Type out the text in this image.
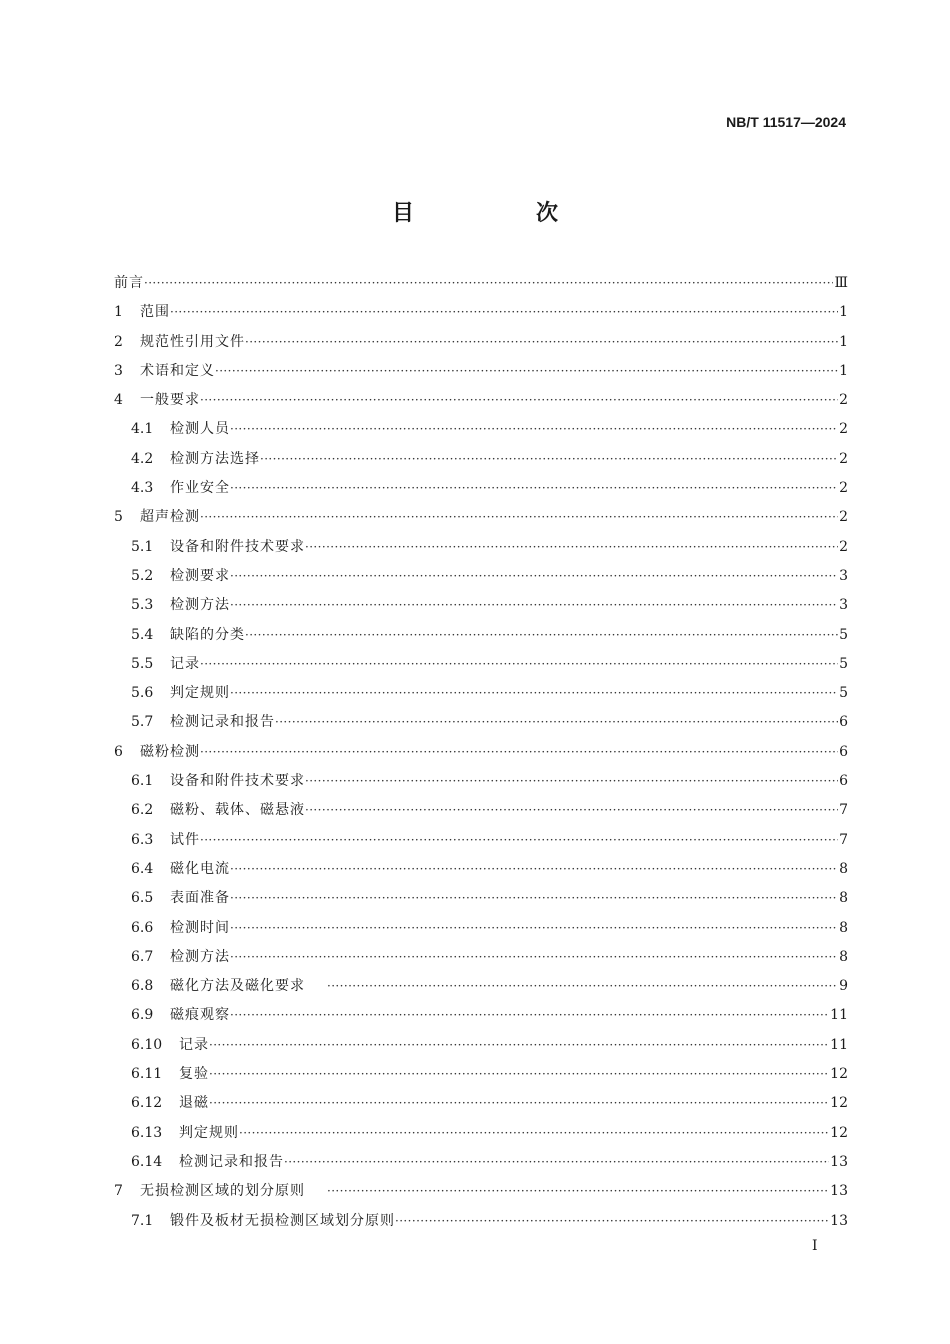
NB/T 11517—2024
目　次
前言 ·····	Ⅲ
1	范围 ·····	1
2	规范性引用文件 ·····	1
3	术语和定义 ·····	1
4	一般要求 ·····	2
4.1	检测人员 ·····	2
4.2	检测方法选择 ·····	2
4.3	作业安全 ·····	2
5	超声检测 ·····	2
5.1	设备和附件技术要求 ·····	2
5.2	检测要求 ·····	3
5.3	检测方法 ·····	3
5.4	缺陷的分类 ·····	5
5.5	记录 ·····	5
5.6	判定规则 ·····	5
5.7	检测记录和报告 ·····	6
6	磁粉检测 ·····	6
6.1	设备和附件技术要求 ·····	6
6.2	磁粉、载体、磁悬液 ·····	7
6.3	试件 ·····	7
6.4	磁化电流 ·····	8
6.5	表面准备 ·····	8
6.6	检测时间 ·····	8
6.7	检测方法 ·····	8
6.8	磁化方法及磁化要求 ·····	9
6.9	磁痕观察 ·····	11
6.10	记录 ·····	11
6.11	复验 ·····	12
6.12	退磁 ·····	12
6.13	判定规则 ·····	12
6.14	检测记录和报告 ·····	13
7	无损检测区域的划分原则 ·····	13
7.1	锻件及板材无损检测区域划分原则 ·····	13
Ⅰ
